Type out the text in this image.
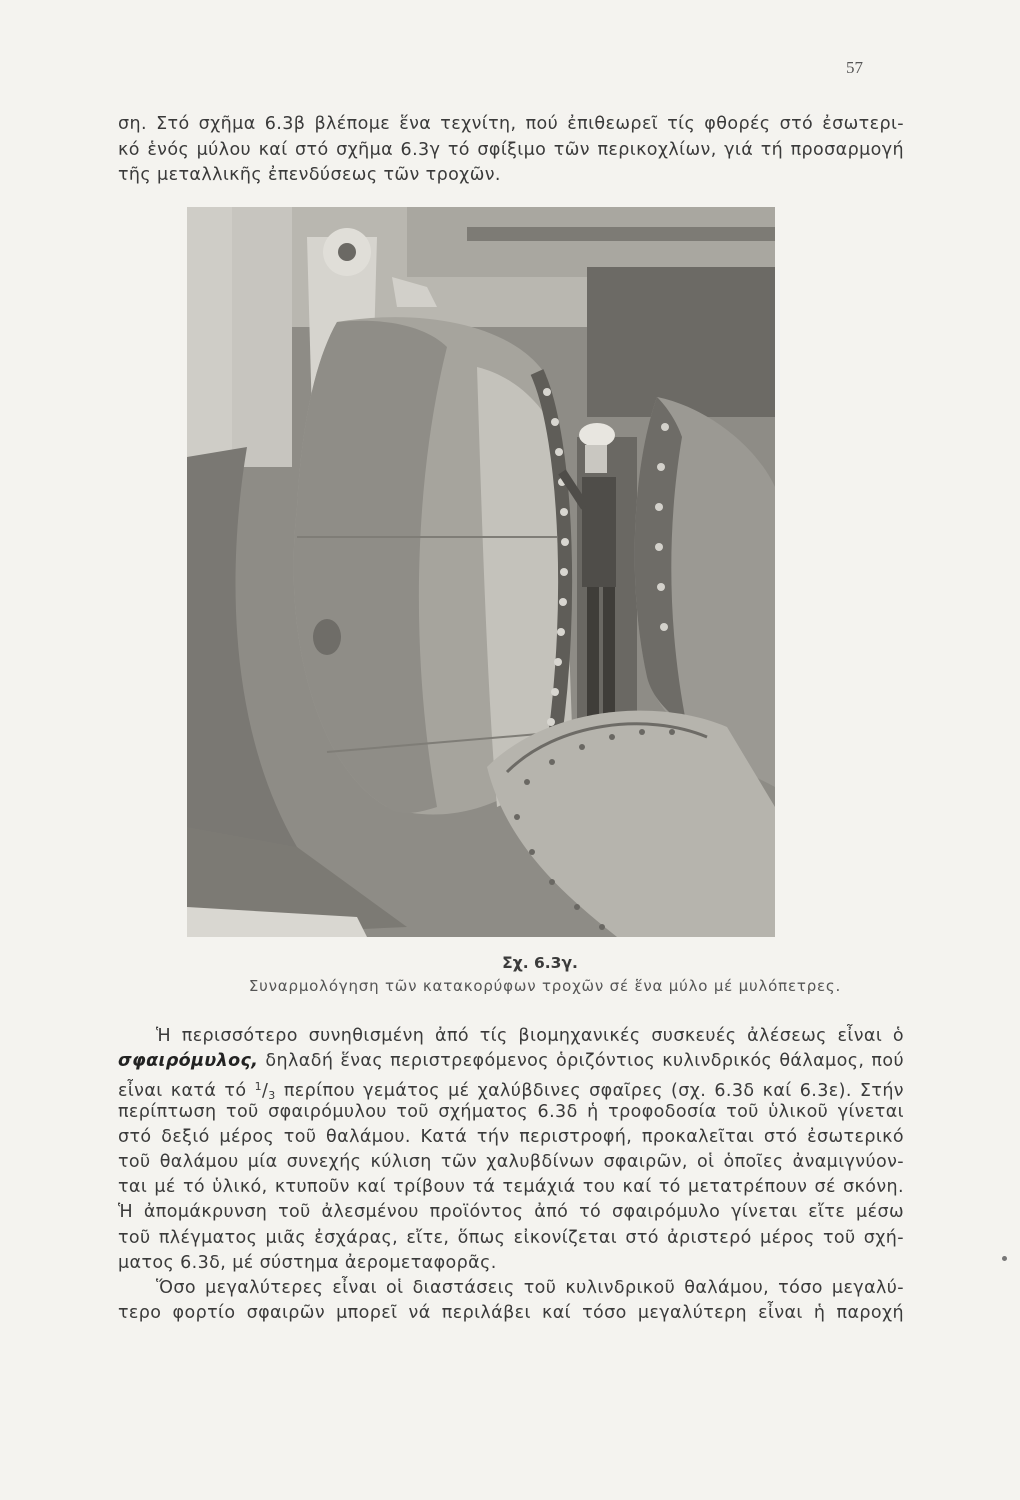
57
ση. Στό σχῆμα 6.3β βλέπομε ἕνα τεχνίτη, πού ἐπιθεωρεῖ τίς φθορές στό ἐσωτερι-
κό ἑνός μύλου καί στό σχῆμα 6.3γ τό σφίξιμο τῶν περικοχλίων, γιά τή προσαρμογή
τῆς μεταλλικῆς ἐπενδύσεως τῶν τροχῶν.
Σχ. 6.3γ.
Συναρμολόγηση τῶν κατακορύφων τροχῶν σέ ἕνα μύλο μέ μυλόπετρες.
Ἡ περισσότερο συνηθισμένη ἀπό τίς βιομηχανικές συσκευές ἀλέσεως εἶναι ὁ
σφαιρόμυλος, δηλαδή ἕνας περιστρεφόμενος ὁριζόντιος κυλινδρικός θάλαμος, πού
εἶναι κατά τό $^1/_3$ περίπου γεμάτος μέ χαλύβδινες σφαῖρες (σχ. 6.3δ καί 6.3ε). Στήν
περίπτωση τοῦ σφαιρόμυλου τοῦ σχήματος 6.3δ ἡ τροφοδοσία τοῦ ὑλικοῦ γίνεται
στό δεξιό μέρος τοῦ θαλάμου. Κατά τήν περιστροφή, προκαλεῖται στό ἐσωτερικό
τοῦ θαλάμου μία συνεχής κύλιση τῶν χαλυβδίνων σφαιρῶν, οἱ ὁποῖες ἀναμιγνύον-
ται μέ τό ὑλικό, κτυποῦν καί τρίβουν τά τεμάχιά του καί τό μετατρέπουν σέ σκόνη.
Ἡ ἀπομάκρυνση τοῦ ἀλεσμένου προϊόντος ἀπό τό σφαιρόμυλο γίνεται εἴτε μέσω
τοῦ πλέγματος μιᾶς ἐσχάρας, εἴτε, ὅπως εἰκονίζεται στό ἀριστερό μέρος τοῦ σχή-
ματος 6.3δ, μέ σύστημα ἀερομεταφορᾶς.
Ὅσο μεγαλύτερες εἶναι οἱ διαστάσεις τοῦ κυλινδρικοῦ θαλάμου, τόσο μεγαλύ-
τερο φορτίο σφαιρῶν μπορεῖ νά περιλάβει καί τόσο μεγαλύτερη εἶναι ἡ παροχή
